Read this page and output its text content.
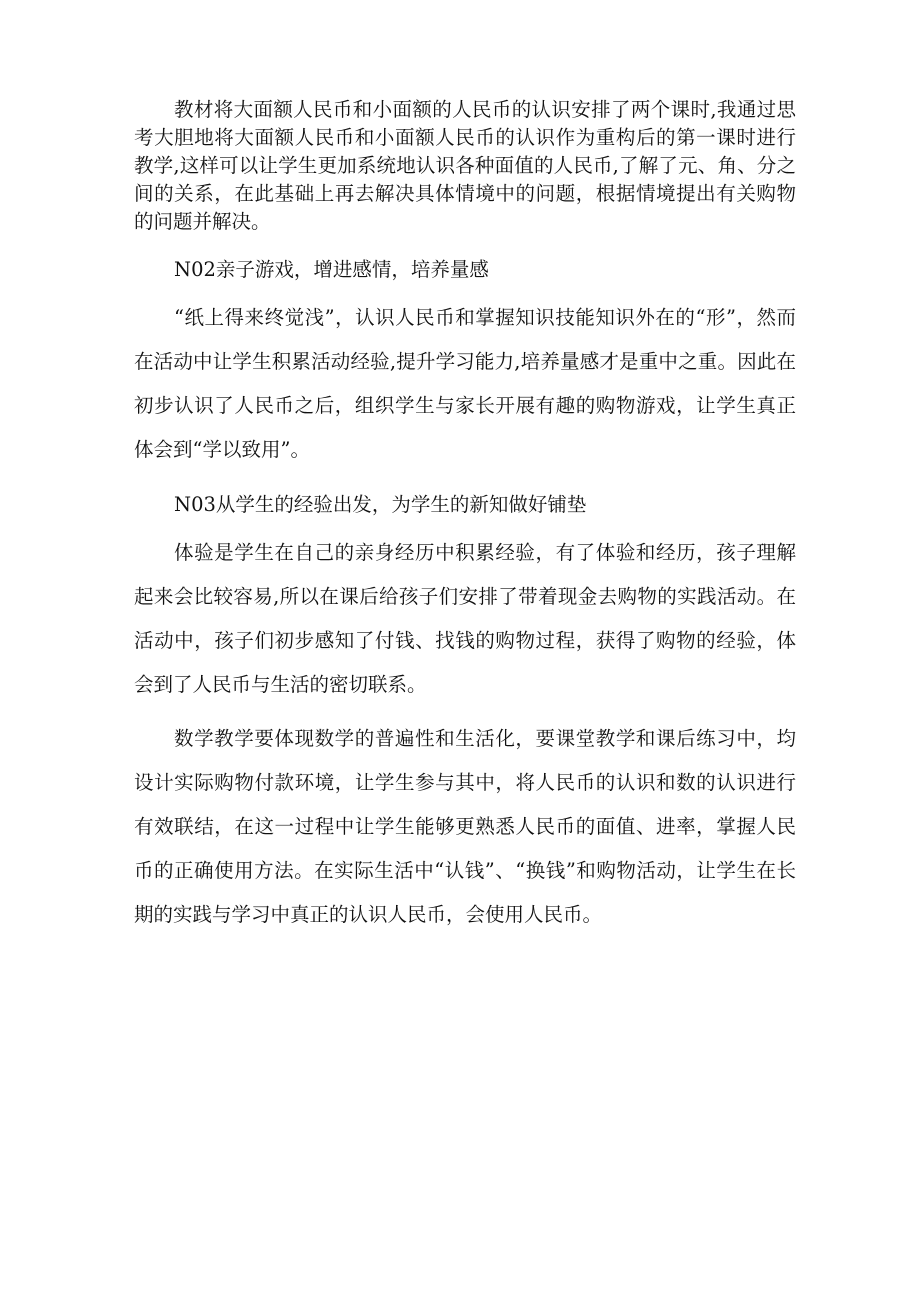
教材将大面额人民币和小面额的人民币的认识安排了两个课时,我通过思考大胆地将大面额人民币和小面额人民币的认识作为重构后的第一课时进行教学,这样可以让学生更加系统地认识各种面值的人民币,了解了元、角、分之间的关系，在此基础上再去解决具体情境中的问题，根据情境提出有关购物的问题并解决。

N02亲子游戏，增进感情，培养量感

“纸上得来终觉浅”，认识人民币和掌握知识技能知识外在的“形”，然而在活动中让学生积累活动经验,提升学习能力,培养量感才是重中之重。因此在初步认识了人民币之后，组织学生与家长开展有趣的购物游戏，让学生真正体会到“学以致用”。

N03从学生的经验出发，为学生的新知做好铺垫

体验是学生在自己的亲身经历中积累经验，有了体验和经历，孩子理解起来会比较容易,所以在课后给孩子们安排了带着现金去购物的实践活动。在活动中，孩子们初步感知了付钱、找钱的购物过程，获得了购物的经验，体会到了人民币与生活的密切联系。

数学教学要体现数学的普遍性和生活化，要课堂教学和课后练习中，均设计实际购物付款环境，让学生参与其中，将人民币的认识和数的认识进行有效联结，在这一过程中让学生能够更熟悉人民币的面值、进率，掌握人民币的正确使用方法。在实际生活中“认钱”、“换钱”和购物活动，让学生在长期的实践与学习中真正的认识人民币，会使用人民币。
